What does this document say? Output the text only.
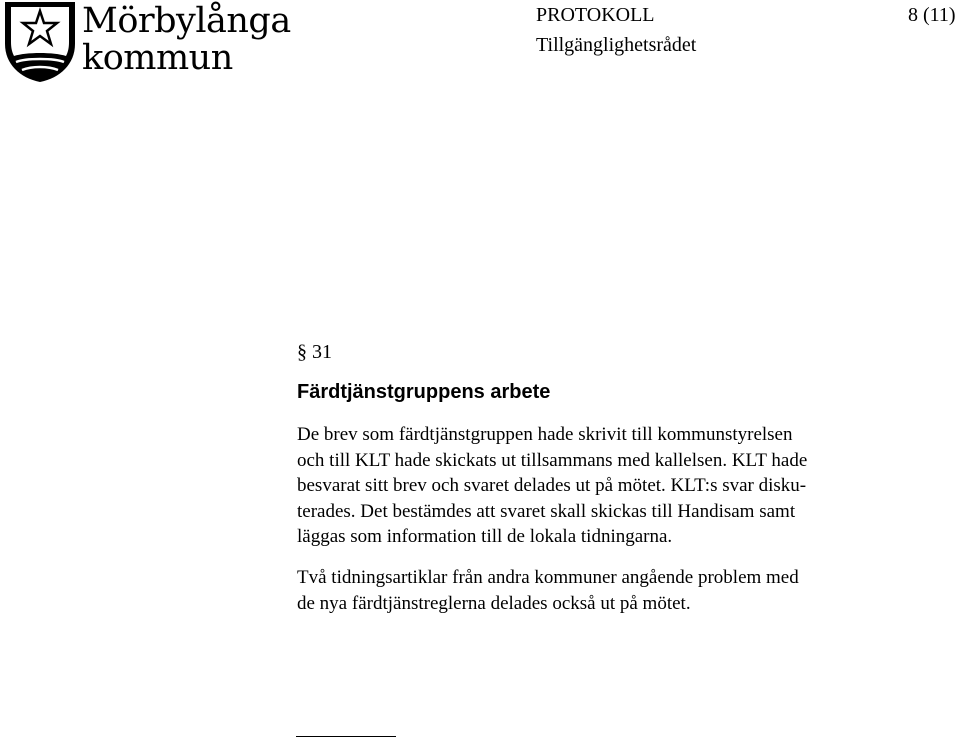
Mörbylånga
kommun
PROTOKOLL	8 (11)
Tillgänglighetsrådet
§ 31
Färdtjänstgruppens arbete
De brev som färdtjänstgruppen hade skrivit till kommunstyrelsen
och till KLT hade skickats ut tillsammans med kallelsen. KLT hade
besvarat sitt brev och svaret delades ut på mötet. KLT:s svar disku-
terades. Det bestämdes att svaret skall skickas till Handisam samt
läggas som information till de lokala tidningarna.
Två tidningsartiklar från andra kommuner angående problem med
de nya färdtjänstreglerna delades också ut på mötet.
